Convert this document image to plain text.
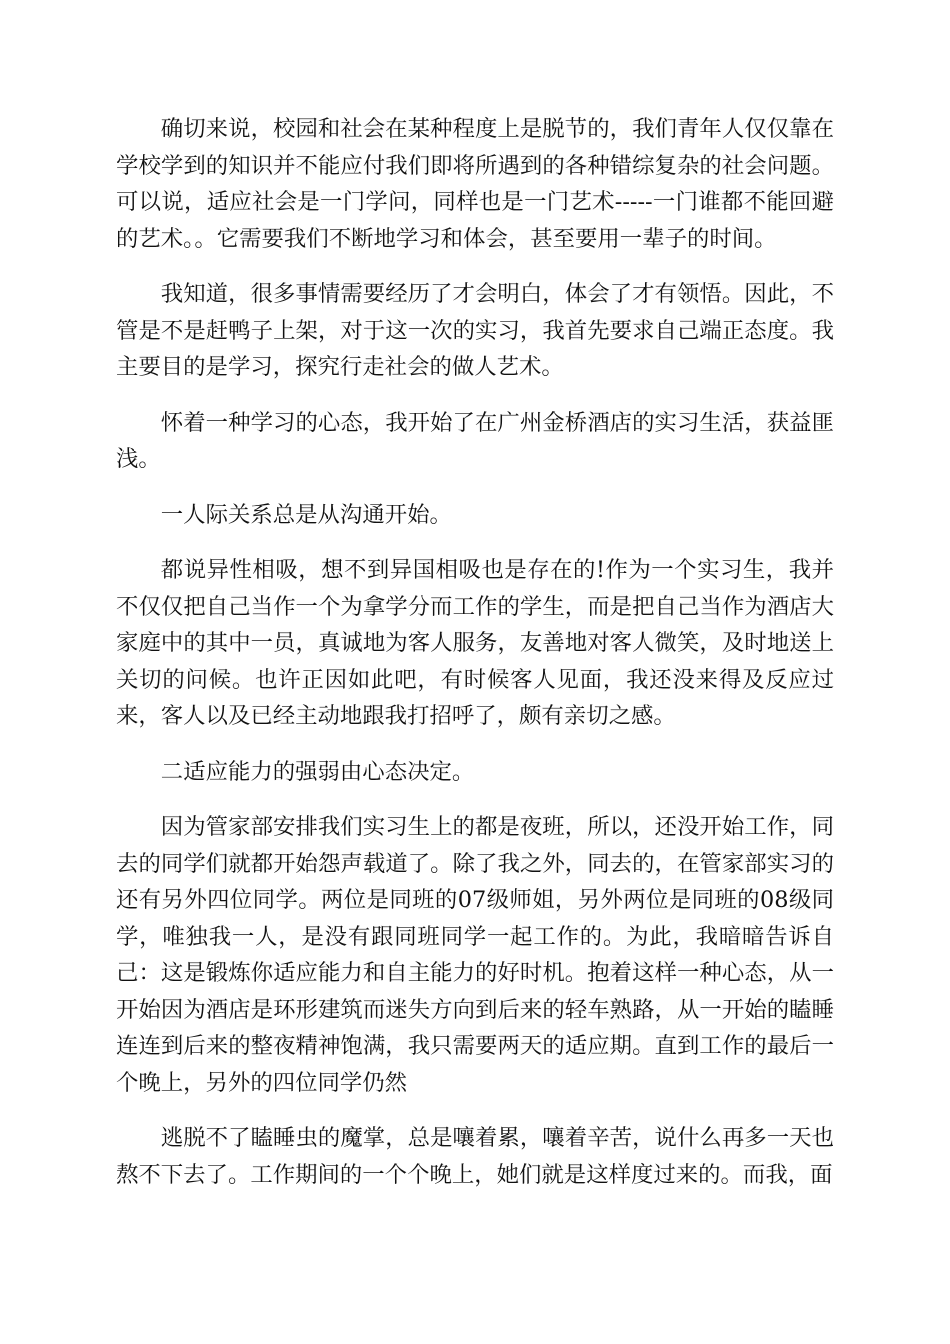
确切来说，校园和社会在某种程度上是脱节的，我们青年人仅仅靠在学校学到的知识并不能应付我们即将所遇到的各种错综复杂的社会问题。可以说，适应社会是一门学问，同样也是一门艺术-----一门谁都不能回避的艺术。。它需要我们不断地学习和体会，甚至要用一辈子的时间。

我知道，很多事情需要经历了才会明白，体会了才有领悟。因此，不管是不是赶鸭子上架，对于这一次的实习，我首先要求自己端正态度。我主要目的是学习，探究行走社会的做人艺术。

怀着一种学习的心态，我开始了在广州金桥酒店的实习生活，获益匪浅。

一人际关系总是从沟通开始。

都说异性相吸，想不到异国相吸也是存在的!作为一个实习生，我并不仅仅把自己当作一个为拿学分而工作的学生，而是把自己当作为酒店大家庭中的其中一员，真诚地为客人服务，友善地对客人微笑，及时地送上关切的问候。也许正因如此吧，有时候客人见面，我还没来得及反应过来，客人以及已经主动地跟我打招呼了，颇有亲切之感。

二适应能力的强弱由心态决定。

因为管家部安排我们实习生上的都是夜班，所以，还没开始工作，同去的同学们就都开始怨声载道了。除了我之外，同去的，在管家部实习的还有另外四位同学。两位是同班的07级师姐，另外两位是同班的08级同学，唯独我一人，是没有跟同班同学一起工作的。为此，我暗暗告诉自己：这是锻炼你适应能力和自主能力的好时机。抱着这样一种心态，从一开始因为酒店是环形建筑而迷失方向到后来的轻车熟路，从一开始的瞌睡连连到后来的整夜精神饱满，我只需要两天的适应期。直到工作的最后一个晚上，另外的四位同学仍然

逃脱不了瞌睡虫的魔掌，总是嚷着累，嚷着辛苦，说什么再多一天也熬不下去了。工作期间的一个个晚上，她们就是这样度过来的。而我，面
